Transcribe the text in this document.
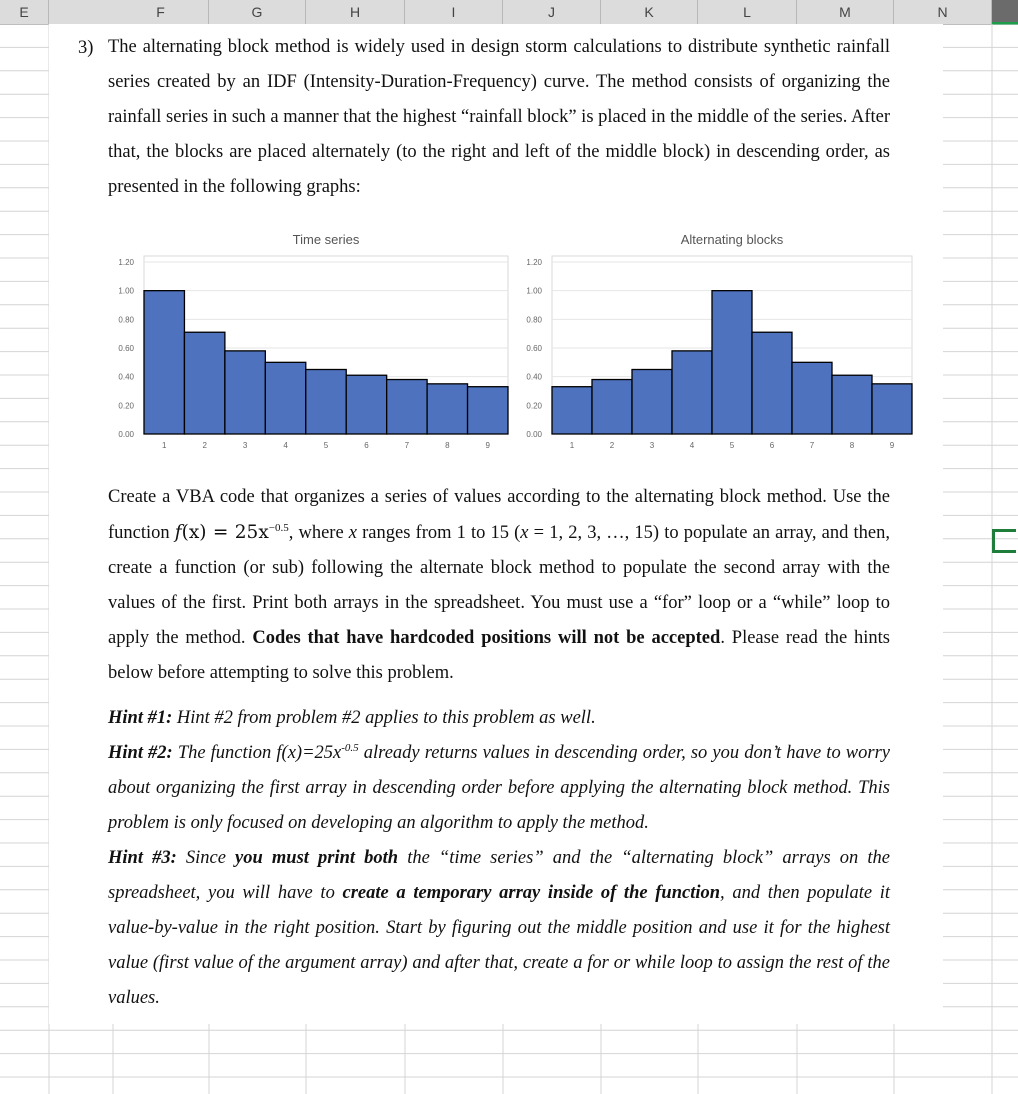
E	F	G	H	I	J	K	L	M	N
3) The alternating block method is widely used in design storm calculations to distribute synthetic rainfall series created by an IDF (Intensity-Duration-Frequency) curve. The method consists of organizing the rainfall series in such a manner that the highest “rainfall block” is placed in the middle of the series. After that, the blocks are placed alternately (to the right and left of the middle block) in descending order, as presented in the following graphs:
Time series
0.00
0.20
0.40
0.60
0.80
1.00
1.20
1	2	3	4	5	6	7	8	9
Alternating blocks
0.00
0.20
0.40
0.60
0.80
1.00
1.20
1	2	3	4	5	6	7	8	9
Create a VBA code that organizes a series of values according to the alternating block method. Use the function $f(x) = 25x^{-0.5}$, where x ranges from 1 to 15 (x = 1, 2, 3, …, 15) to populate an array, and then, create a function (or sub) following the alternate block method to populate the second array with the values of the first. Print both arrays in the spreadsheet. You must use a “for” loop or a “while” loop to apply the method. Codes that have hardcoded positions will not be accepted. Please read the hints below before attempting to solve this problem.
Hint #1: Hint #2 from problem #2 applies to this problem as well.
Hint #2: The function $f(x)=25x^{-0.5}$ already returns values in descending order, so you don’t have to worry about organizing the first array in descending order before applying the alternating block method. This problem is only focused on developing an algorithm to apply the method.
Hint #3: Since you must print both the “time series” and the “alternating block” arrays on the spreadsheet, you will have to create a temporary array inside of the function, and then populate it value-by-value in the right position. Start by figuring out the middle position and use it for the highest value (first value of the argument array) and after that, create a for or while loop to assign the rest of the values.
